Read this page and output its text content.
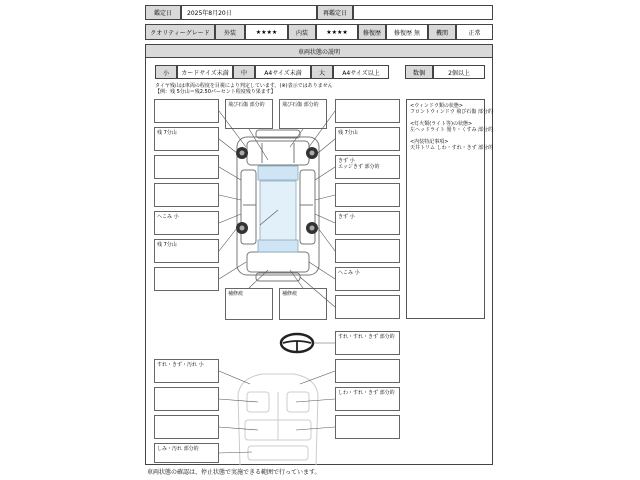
鑑定日	2025年8月20日	再鑑定日
クオリティーグレード	外装	★★★★	内装	★★★★	修復歴	修復歴 無	機関	正常
車両状態の説明
小	カードサイズ未満	中	A4サイズ未満	大	A4サイズ以上	数個	2個以上
タイヤ残山は車両の程度を目視により判定しています。(※)表示ではありません
【例：残 5分山＝残2.50パーセント程度残り果ます】
残 7分山
へこみ 小
残 7分山
飛び石傷 部分的	飛び石傷 部分的
残 7分山
きず 小
エッジきず 部分的
きず 小
へこみ 小
補修痕	補修痕
<ウィンドウ類の状態>
フロントウィンドウ 飛び石傷 部分的
<灯火類(ライト等)の状態>
左ヘッドライト 曇り・くすみ 部分的
<内装特記事項>
天井トリム しわ・すれ・きず 部分的
すれ・すれ・きず 部分的
すれ・きず・汚れ 小
しみ・汚れ 部分的
しわ・すれ・きず 部分的
車両状態の確認は、停止状態で実施できる範囲で行っています。
